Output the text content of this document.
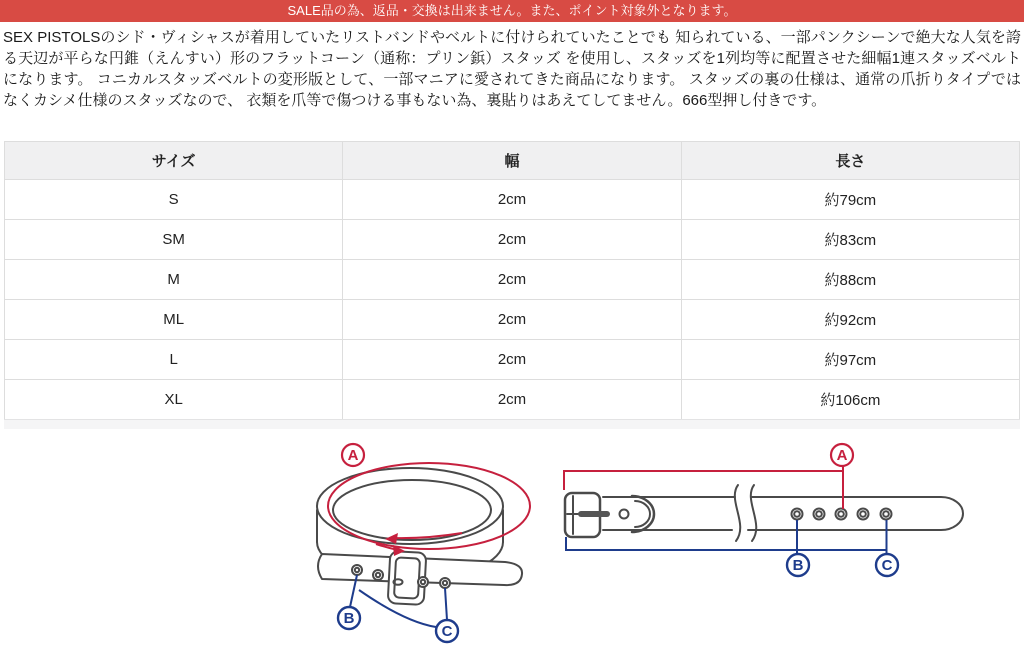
SALE品の為、返品・交換は出来ません。また、ポイント対象外となります。

SEX PISTOLSのシド・ヴィシャスが着用していたリストバンドやベルトに付けられていたことでも 知られている、一部パンクシーンで絶大な人気を誇る天辺が平らな円錐（えんすい）形のフラットコーン（通称：プリン鋲）スタッズ を使用し、スタッズを1列均等に配置させた細幅1連スタッズベルトになります。 コニカルスタッズベルトの変形版として、一部マニアに愛されてきた商品になります。 スタッズの裏の仕様は、通常の爪折りタイプではなくカシメ仕様のスタッズなので、 衣類を爪等で傷つける事もない為、裏貼りはあえてしてません。666型押し付きです。

サイズ	幅	長さ
S	2cm	約79cm
SM	2cm	約83cm
M	2cm	約88cm
ML	2cm	約92cm
L	2cm	約97cm
XL	2cm	約106cm
A
B
C
A
B	C
